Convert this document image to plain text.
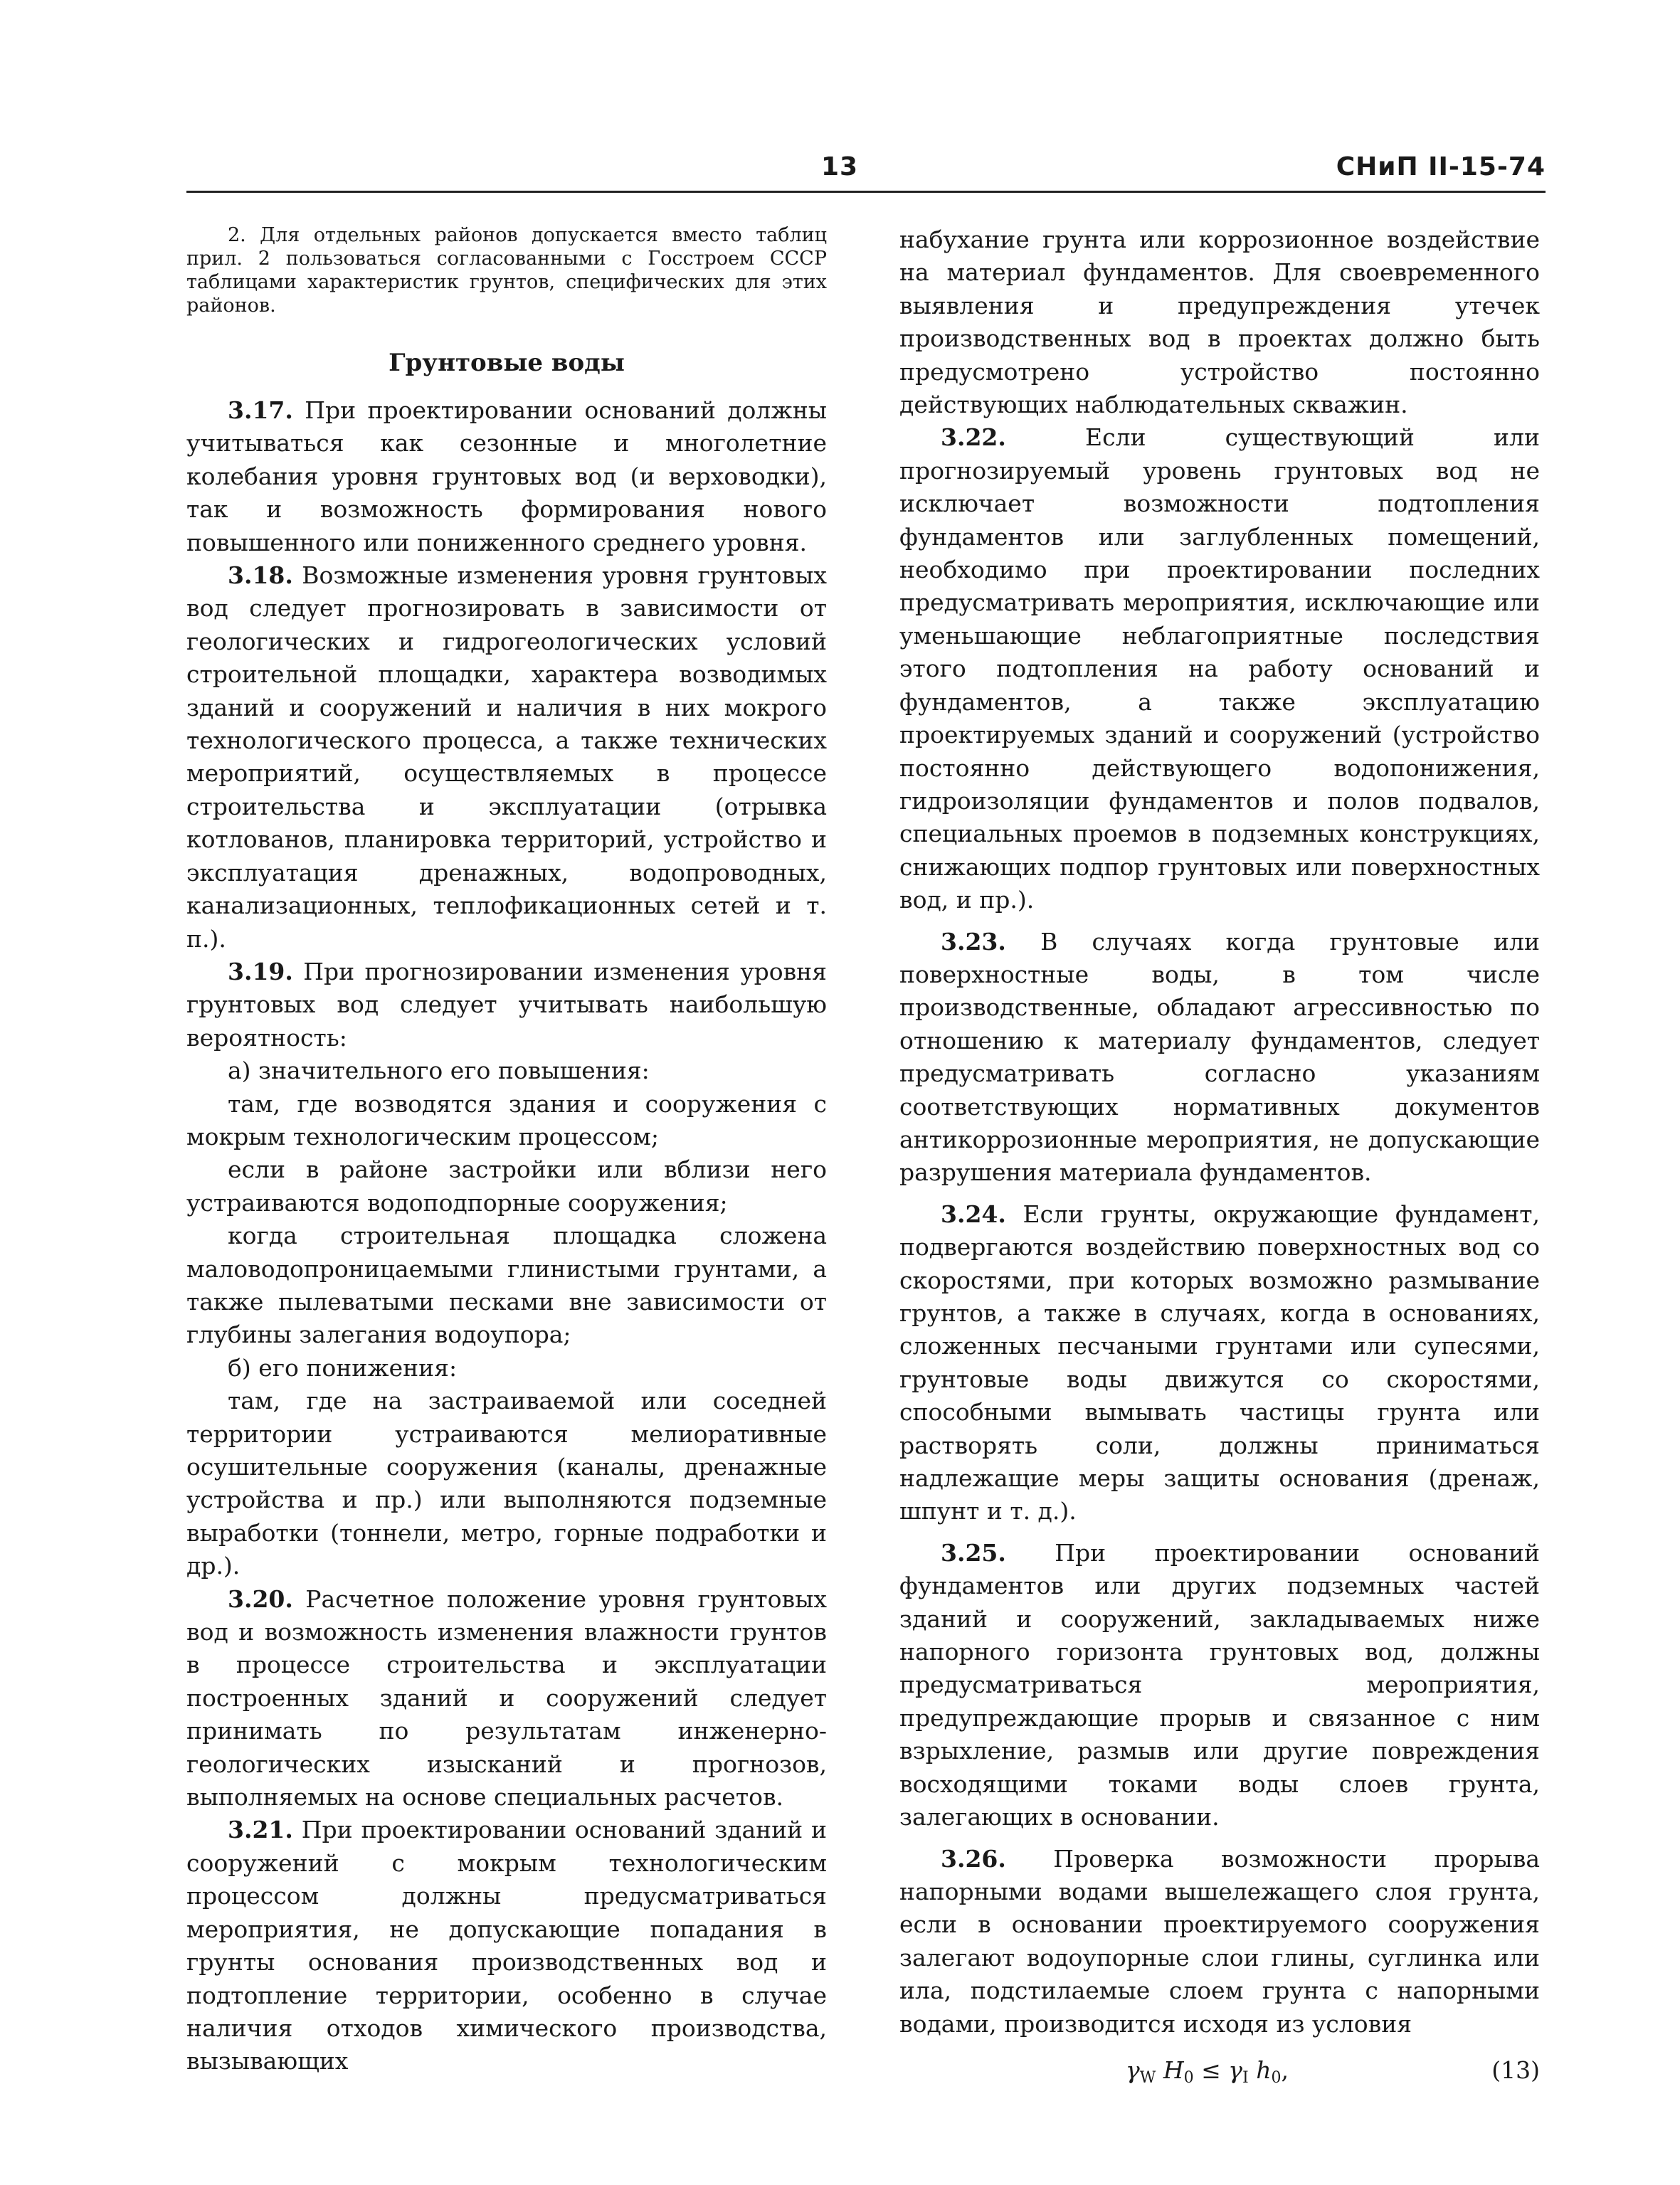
13	СНиП II-15-74

2. Для отдельных районов допускается вместо таблиц прил. 2 пользоваться согласованными с Госстроем СССР таблицами характеристик грунтов, специфических для этих районов.

Грунтовые воды

3.17. При проектировании оснований должны учитываться как сезонные и многолетние колебания уровня грунтовых вод (и верховодки), так и возможность формирования нового повышенного или пониженного среднего уровня.

3.18. Возможные изменения уровня грунтовых вод следует прогнозировать в зависимости от геологических и гидрогеологических условий строительной площадки, характера возводимых зданий и сооружений и наличия в них мокрого технологического процесса, а также технических мероприятий, осуществляемых в процессе строительства и эксплуатации (отрывка котлованов, планировка территорий, устройство и эксплуатация дренажных, водопроводных, канализационных, теплофикационных сетей и т. п.).

3.19. При прогнозировании изменения уровня грунтовых вод следует учитывать наибольшую вероятность:

а) значительного его повышения:

там, где возводятся здания и сооружения с мокрым технологическим процессом;

если в районе застройки или вблизи него устраиваются водоподпорные сооружения;

когда строительная площадка сложена маловодопроницаемыми глинистыми грунтами, а также пылеватыми песками вне зависимости от глубины залегания водоупора;

б) его понижения:

там, где на застраиваемой или соседней территории устраиваются мелиоративные осушительные сооружения (каналы, дренажные устройства и пр.) или выполняются подземные выработки (тоннели, метро, горные подработки и др.).

3.20. Расчетное положение уровня грунтовых вод и возможность изменения влажности грунтов в процессе строительства и эксплуатации построенных зданий и сооружений следует принимать по результатам инженерно-геологических изысканий и прогнозов, выполняемых на основе специальных расчетов.

3.21. При проектировании оснований зданий и сооружений с мокрым технологическим процессом должны предусматриваться мероприятия, не допускающие попадания в грунты основания производственных вод и подтопление территории, особенно в случае наличия отходов химического производства, вызывающих

набухание грунта или коррозионное воздействие на материал фундаментов. Для своевременного выявления и предупреждения утечек производственных вод в проектах должно быть предусмотрено устройство постоянно действующих наблюдательных скважин.

3.22. Если существующий или прогнозируемый уровень грунтовых вод не исключает возможности подтопления фундаментов или заглубленных помещений, необходимо при проектировании последних предусматривать мероприятия, исключающие или уменьшающие неблагоприятные последствия этого подтопления на работу оснований и фундаментов, а также эксплуатацию проектируемых зданий и сооружений (устройство постоянно действующего водопонижения, гидроизоляции фундаментов и полов подвалов, специальных проемов в подземных конструкциях, снижающих подпор грунтовых или поверхностных вод, и пр.).

3.23. В случаях когда грунтовые или поверхностные воды, в том числе производственные, обладают агрессивностью по отношению к материалу фундаментов, следует предусматривать согласно указаниям соответствующих нормативных документов антикоррозионные мероприятия, не допускающие разрушения материала фундаментов.

3.24. Если грунты, окружающие фундамент, подвергаются воздействию поверхностных вод со скоростями, при которых возможно размывание грунтов, а также в случаях, когда в основаниях, сложенных песчаными грунтами или супесями, грунтовые воды движутся со скоростями, способными вымывать частицы грунта или растворять соли, должны приниматься надлежащие меры защиты основания (дренаж, шпунт и т. д.).

3.25. При проектировании оснований фундаментов или других подземных частей зданий и сооружений, закладываемых ниже напорного горизонта грунтовых вод, должны предусматриваться мероприятия, предупреждающие прорыв и связанное с ним взрыхление, размыв или другие повреждения восходящими токами воды слоев грунта, залегающих в основании.

3.26. Проверка возможности прорыва напорными водами вышележащего слоя грунта, если в основании проектируемого сооружения залегают водоупорные слои глины, суглинка или ила, подстилаемые слоем грунта с напорными водами, производится исходя из условия

$\gamma_W$ $H_0 \le \gamma_I$ $h_0$,	(13)
